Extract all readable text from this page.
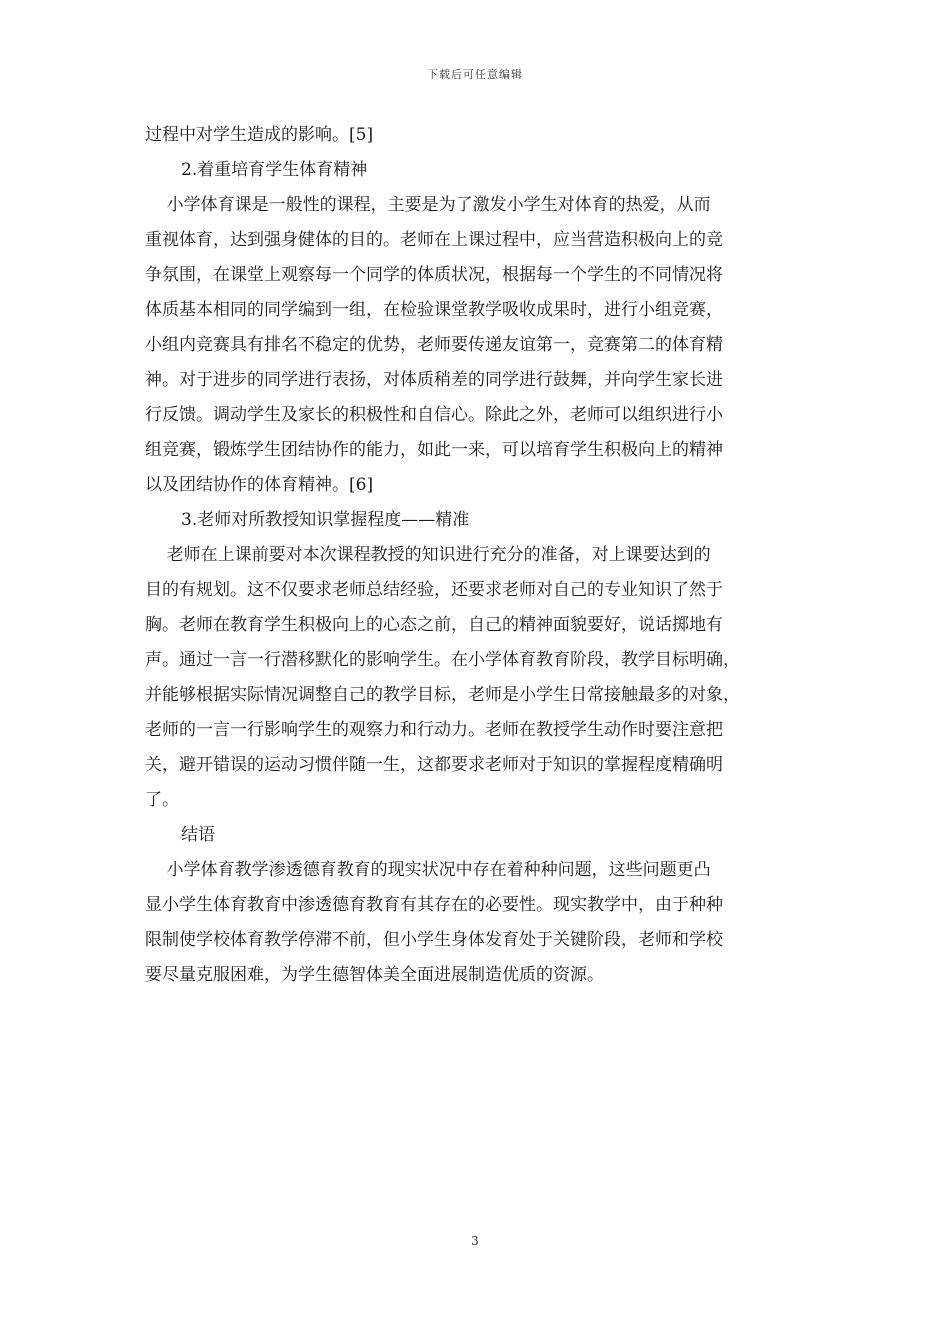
下载后可任意编辑
过程中对学生造成的影响。[5]
2.着重培育学生体育精神
小学体育课是一般性的课程，主要是为了激发小学生对体育的热爱，从而
重视体育，达到强身健体的目的。老师在上课过程中，应当营造积极向上的竞
争氛围，在课堂上观察每一个同学的体质状况，根据每一个学生的不同情况将
体质基本相同的同学编到一组，在检验课堂教学吸收成果时，进行小组竞赛，
小组内竞赛具有排名不稳定的优势，老师要传递友谊第一，竞赛第二的体育精
神。对于进步的同学进行表扬，对体质稍差的同学进行鼓舞，并向学生家长进
行反馈。调动学生及家长的积极性和自信心。除此之外，老师可以组织进行小
组竞赛，锻炼学生团结协作的能力，如此一来，可以培育学生积极向上的精神
以及团结协作的体育精神。[6]
3.老师对所教授知识掌握程度——精准
老师在上课前要对本次课程教授的知识进行充分的准备，对上课要达到的
目的有规划。这不仅要求老师总结经验，还要求老师对自己的专业知识了然于
胸。老师在教育学生积极向上的心态之前，自己的精神面貌要好，说话掷地有
声。通过一言一行潜移默化的影响学生。在小学体育教育阶段，教学目标明确，
并能够根据实际情况调整自己的教学目标，老师是小学生日常接触最多的对象，
老师的一言一行影响学生的观察力和行动力。老师在教授学生动作时要注意把
关，避开错误的运动习惯伴随一生，这都要求老师对于知识的掌握程度精确明
了。
结语
小学体育教学渗透德育教育的现实状况中存在着种种问题，这些问题更凸
显小学生体育教育中渗透德育教育有其存在的必要性。现实教学中，由于种种
限制使学校体育教学停滞不前，但小学生身体发育处于关键阶段，老师和学校
要尽量克服困难，为学生德智体美全面进展制造优质的资源。
3
